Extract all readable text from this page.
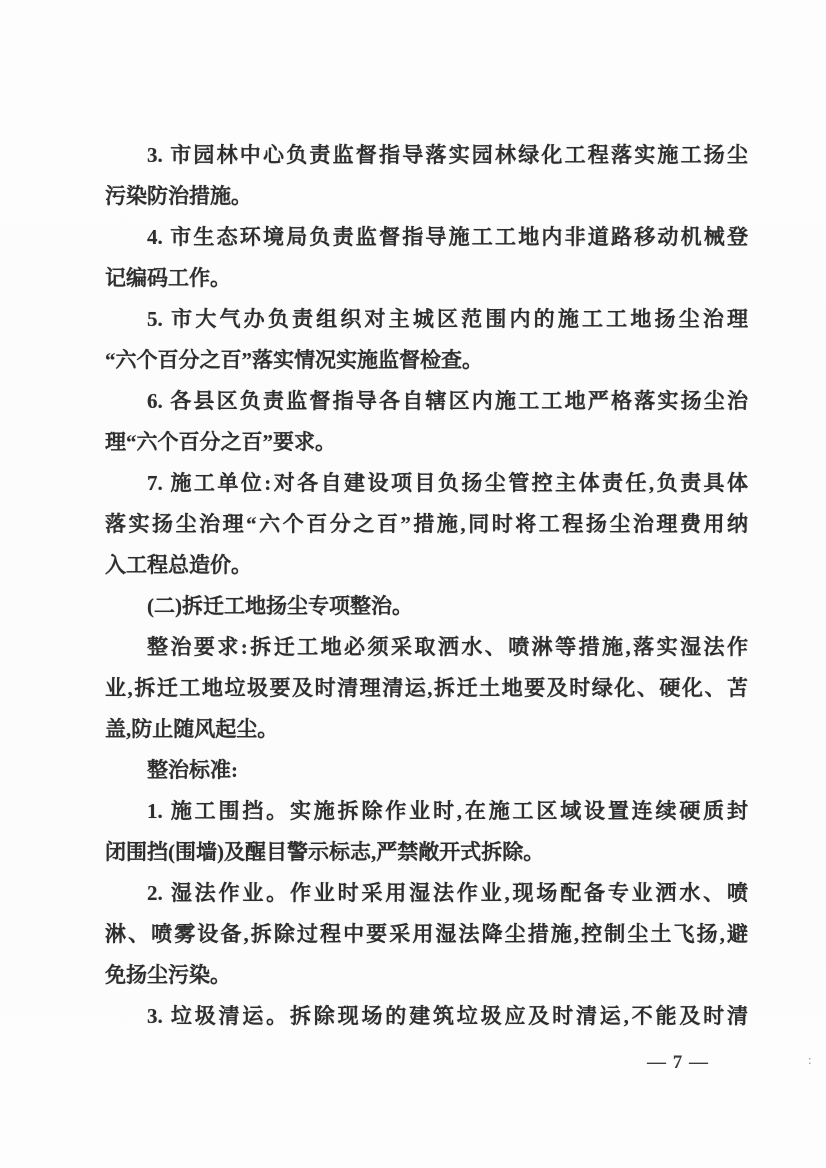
3. 市园林中心负责监督指导落实园林绿化工程落实施工扬尘
污染防治措施。

4. 市生态环境局负责监督指导施工工地内非道路移动机械登
记编码工作。

5. 市大气办负责组织对主城区范围内的施工工地扬尘治理
“六个百分之百”落实情况实施监督检查。

6. 各县区负责监督指导各自辖区内施工工地严格落实扬尘治
理“六个百分之百”要求。

7. 施工单位:对各自建设项目负扬尘管控主体责任,负责具体
落实扬尘治理“六个百分之百”措施,同时将工程扬尘治理费用纳
入工程总造价。

(二)拆迁工地扬尘专项整治。

整治要求:拆迁工地必须采取洒水、喷淋等措施,落实湿法作
业,拆迁工地垃圾要及时清理清运,拆迁土地要及时绿化、硬化、苫
盖,防止随风起尘。

整治标准:

1. 施工围挡。实施拆除作业时,在施工区域设置连续硬质封
闭围挡(围墙)及醒目警示标志,严禁敞开式拆除。

2. 湿法作业。作业时采用湿法作业,现场配备专业洒水、喷
淋、喷雾设备,拆除过程中要采用湿法降尘措施,控制尘土飞扬,避
免扬尘污染。

3. 垃圾清运。拆除现场的建筑垃圾应及时清运,不能及时清

— 7 —	:
